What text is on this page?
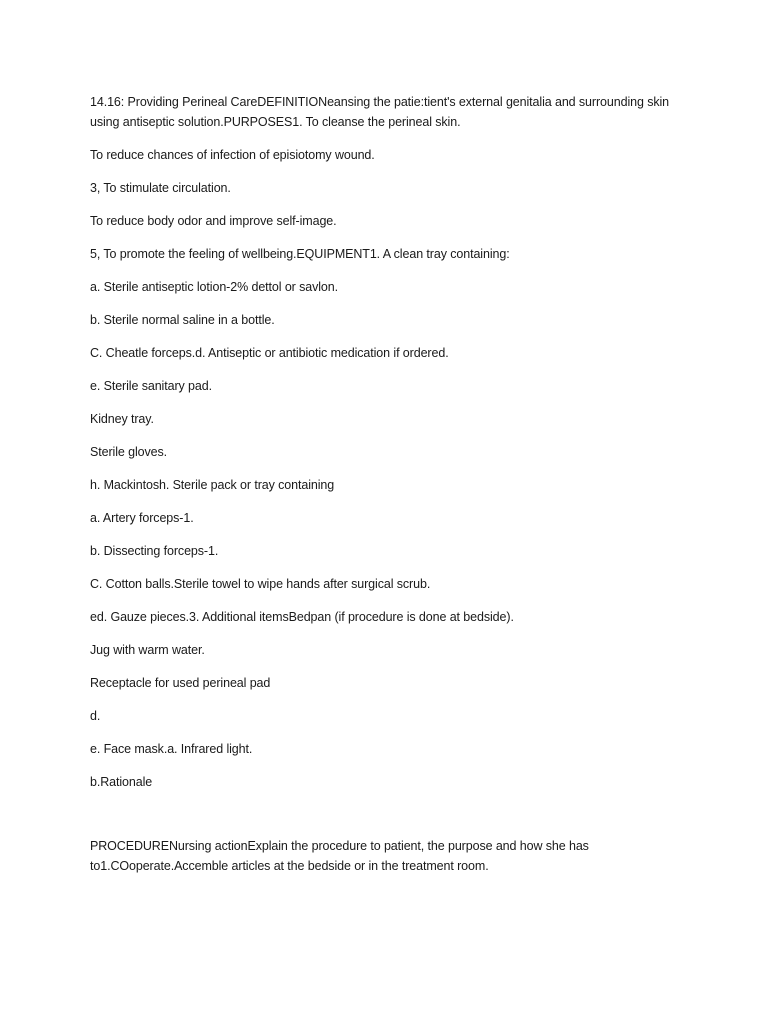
14.16: Providing Perineal CareDEFINITIONeansing the patie:tient's external genitalia and surrounding skin using antiseptic solution.PURPOSES1. To cleanse the perineal skin.

To reduce chances of infection of episiotomy wound.

3, To stimulate circulation.

To reduce body odor and improve self-image.

5, To promote the feeling of wellbeing.EQUIPMENT1. A clean tray containing:

a. Sterile antiseptic lotion-2% dettol or savlon.

b. Sterile normal saline in a bottle.

C. Cheatle forceps.d. Antiseptic or antibiotic medication if ordered.

e. Sterile sanitary pad.

Kidney tray.

Sterile gloves.

h. Mackintosh. Sterile pack or tray containing

a. Artery forceps-1.

b. Dissecting forceps-1.

C. Cotton balls.Sterile towel to wipe hands after surgical scrub.

ed. Gauze pieces.3. Additional itemsBedpan (if procedure is done at bedside).

Jug with warm water.

Receptacle for used perineal pad

d.

e. Face mask.a. Infrared light.

b.Rationale

PROCEDURENursing actionExplain the procedure to patient, the purpose and how she has to1.COoperate.Accemble articles at the bedside or in the treatment room.
